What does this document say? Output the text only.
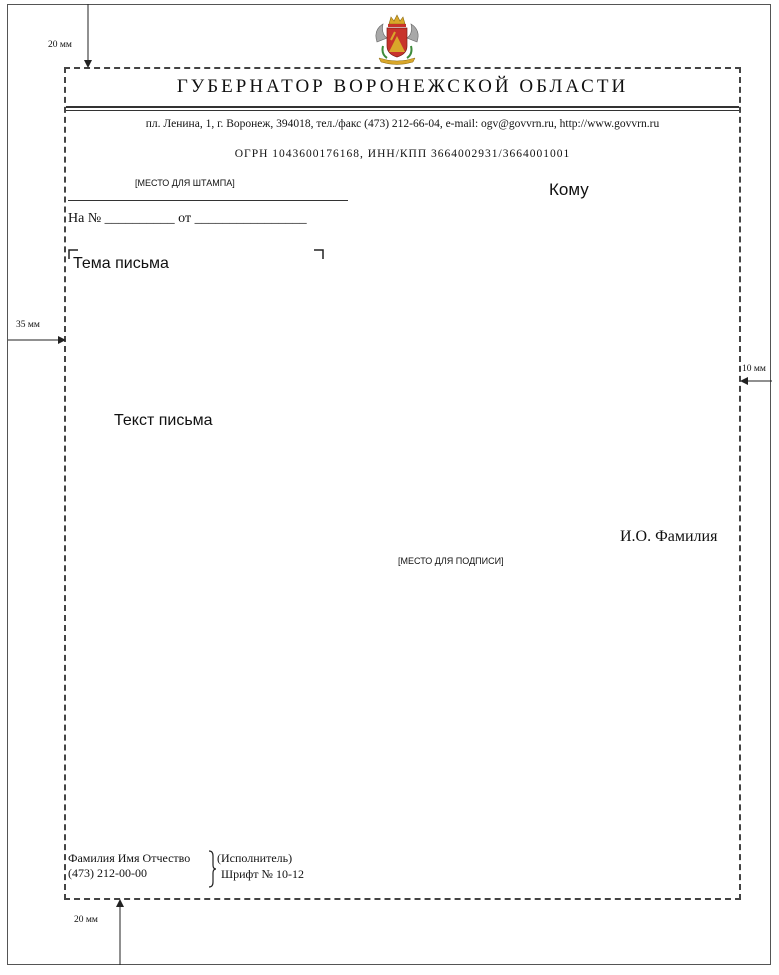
ГУБЕРНАТОР ВОРОНЕЖСКОЙ ОБЛАСТИ
пл. Ленина, 1, г. Воронеж, 394018, тел./факс (473) 212-66-04, e-mail: ogv@govvrn.ru, http://www.govvrn.ru
ОГРН 1043600176168, ИНН/КПП 3664002931/3664001001
[МЕСТО ДЛЯ ШТАМПА]	Кому
На № __________ от ________________
Тема письма
Текст письма
И.О. Фамилия
[МЕСТО ДЛЯ ПОДПИСИ]
Фамилия Имя Отчество
(473) 212-00-00
(Исполнитель)
Шрифт № 10-12
20 мм
35 мм
10 мм
20 мм
